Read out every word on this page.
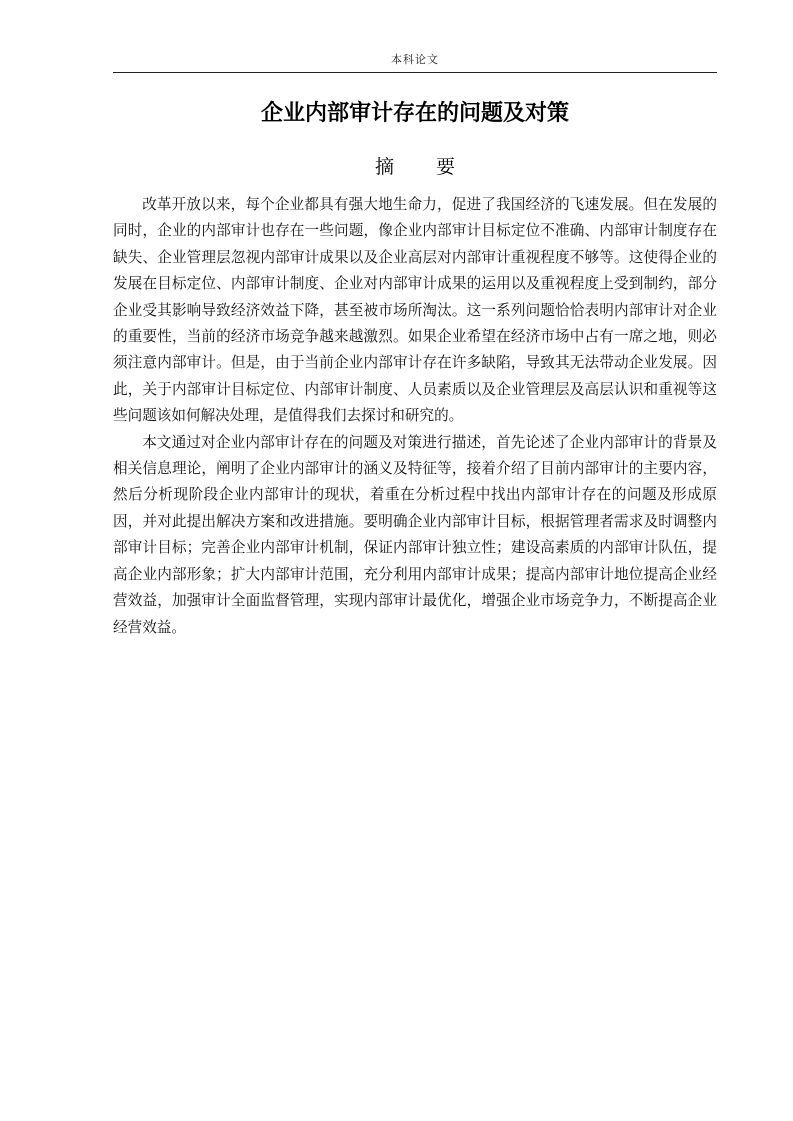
本科论文
企业内部审计存在的问题及对策
摘 要

改革开放以来，每个企业都具有强大地生命力，促进了我国经济的飞速发展。但在发展的同时，企业的内部审计也存在一些问题，像企业内部审计目标定位不准确、内部审计制度存在缺失、企业管理层忽视内部审计成果以及企业高层对内部审计重视程度不够等。这使得企业的发展在目标定位、内部审计制度、企业对内部审计成果的运用以及重视程度上受到制约，部分企业受其影响导致经济效益下降，甚至被市场所淘汰。这一系列问题恰恰表明内部审计对企业的重要性，当前的经济市场竞争越来越激烈。如果企业希望在经济市场中占有一席之地，则必须注意内部审计。但是，由于当前企业内部审计存在许多缺陷，导致其无法带动企业发展。因此，关于内部审计目标定位、内部审计制度、人员素质以及企业管理层及高层认识和重视等这些问题该如何解决处理，是值得我们去探讨和研究的。

本文通过对企业内部审计存在的问题及对策进行描述，首先论述了企业内部审计的背景及相关信息理论，阐明了企业内部审计的涵义及特征等，接着介绍了目前内部审计的主要内容，然后分析现阶段企业内部审计的现状，着重在分析过程中找出内部审计存在的问题及形成原因，并对此提出解决方案和改进措施。要明确企业内部审计目标，根据管理者需求及时调整内部审计目标；完善企业内部审计机制，保证内部审计独立性；建设高素质的内部审计队伍，提高企业内部形象；扩大内部审计范围，充分利用内部审计成果；提高内部审计地位提高企业经营效益，加强审计全面监督管理，实现内部审计最优化，增强企业市场竞争力，不断提高企业经营效益。
